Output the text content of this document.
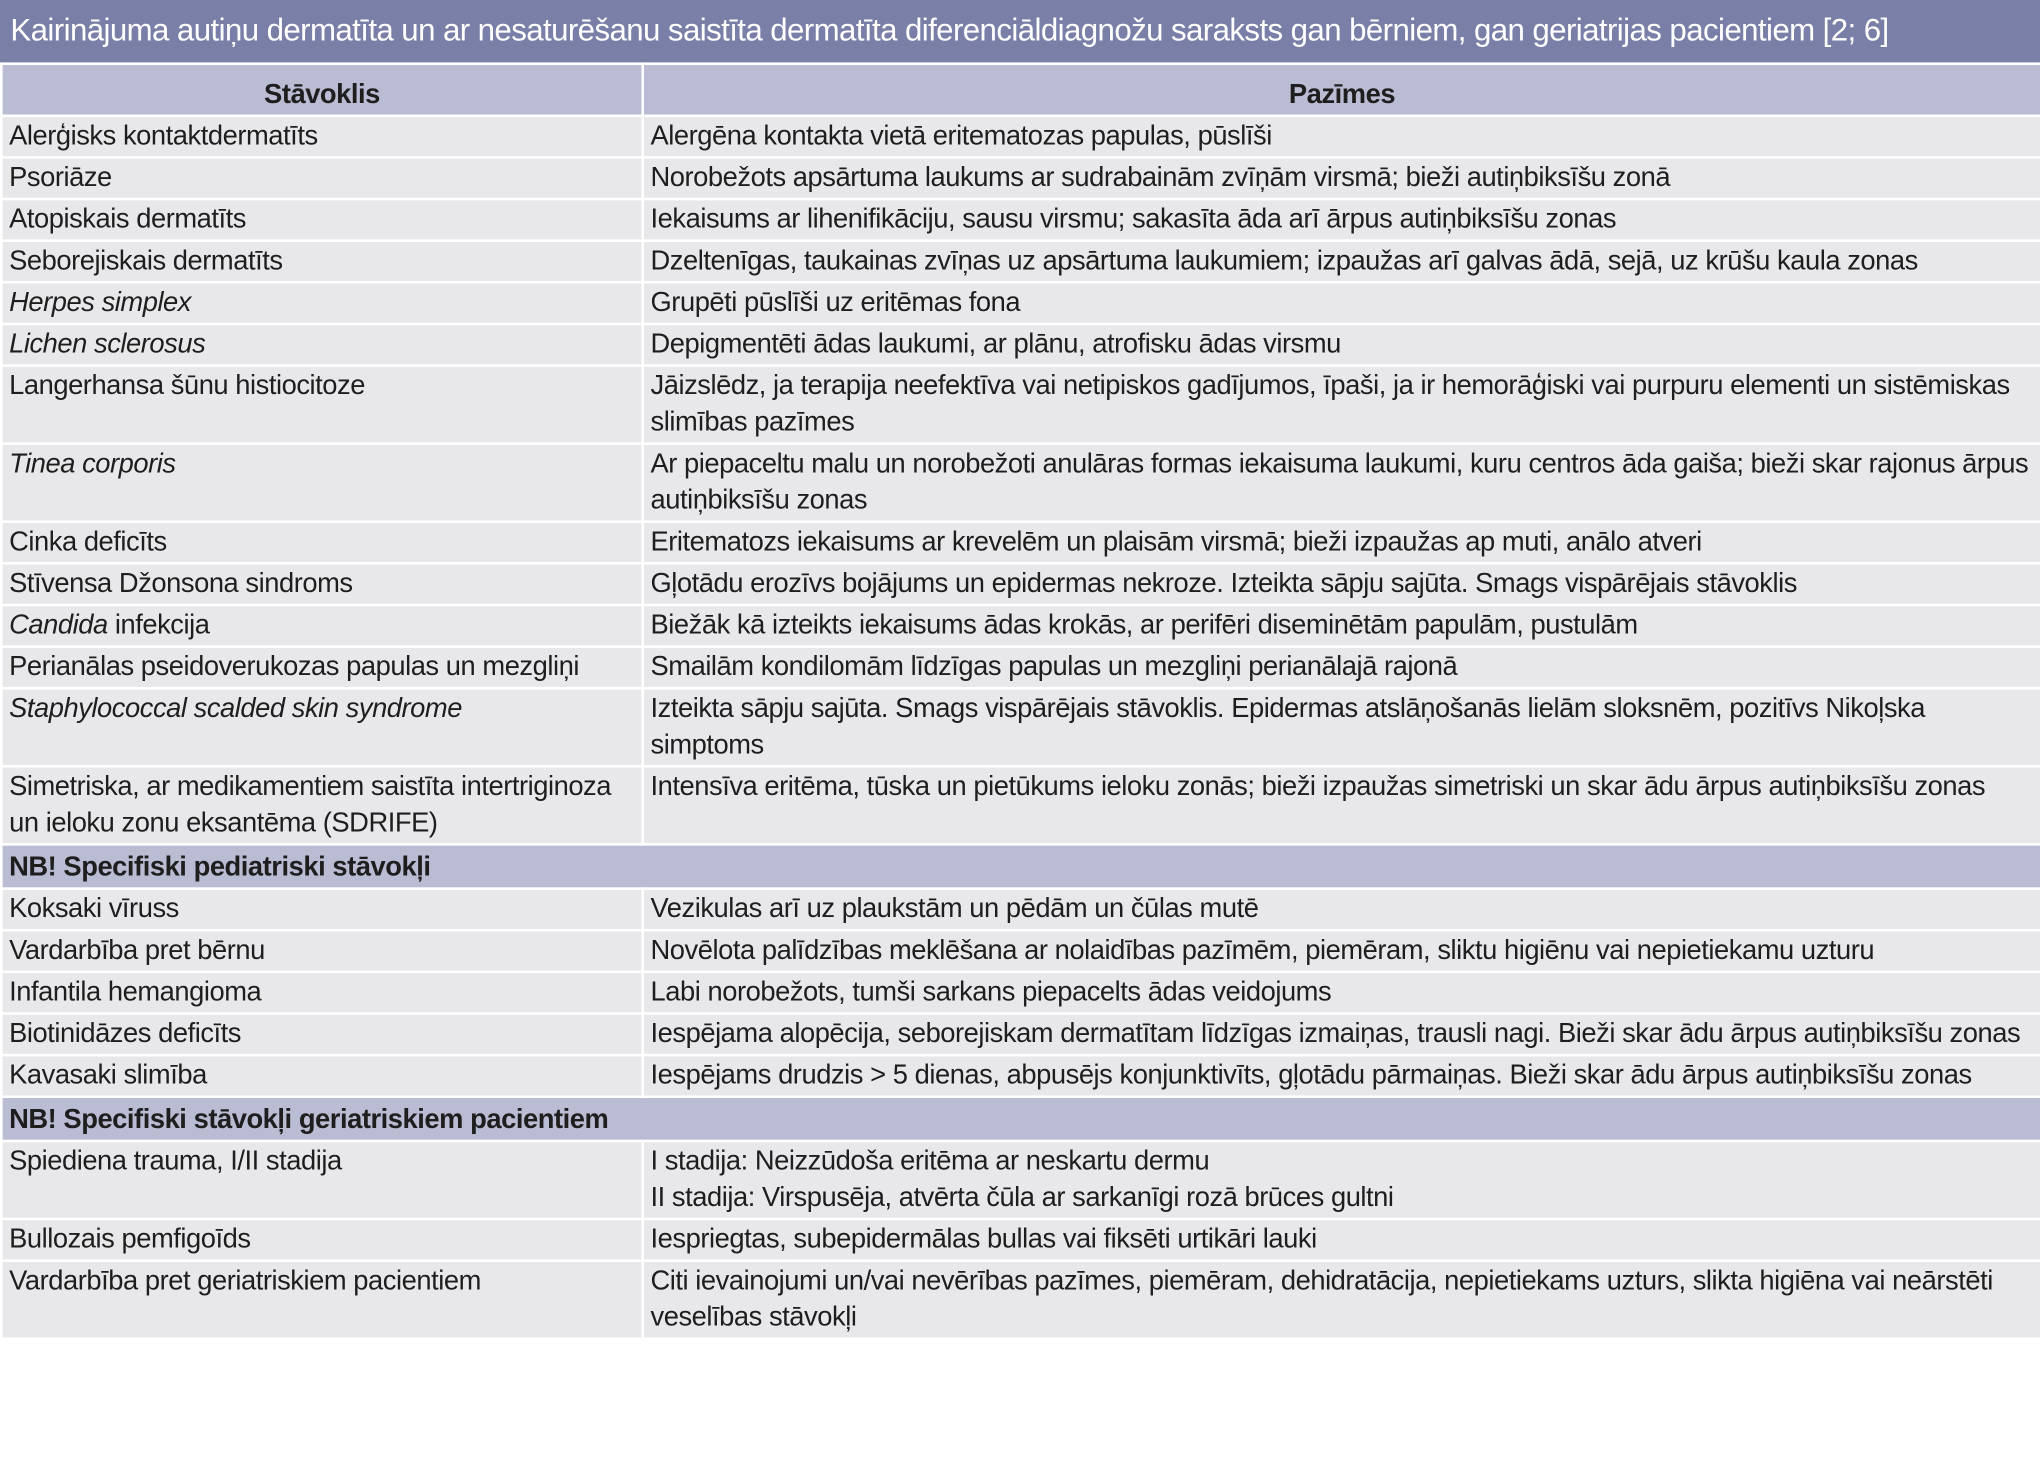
Kairinājuma autiņu dermatīta un ar nesaturēšanu saistīta dermatīta diferenciāldiagnožu saraksts gan bērniem, gan geriatrijas pacientiem [2; 6]
Stāvoklis	Pazīmes
Alerģisks kontaktdermatīts	Alergēna kontakta vietā eritematozas papulas, pūslīši
Psoriāze	Norobežots apsārtuma laukums ar sudrabainām zvīņām virsmā; bieži autiņbiksīšu zonā
Atopiskais dermatīts	Iekaisums ar lihenifikāciju, sausu virsmu; sakasīta āda arī ārpus autiņbiksīšu zonas
Seborejiskais dermatīts	Dzeltenīgas, taukainas zvīņas uz apsārtuma laukumiem; izpaužas arī galvas ādā, sejā, uz krūšu kaula zonas
Herpes simplex	Grupēti pūslīši uz eritēmas fona
Lichen sclerosus	Depigmentēti ādas laukumi, ar plānu, atrofisku ādas virsmu
Langerhansa šūnu histiocitoze	Jāizslēdz, ja terapija neefektīva vai netipiskos gadījumos, īpaši, ja ir hemorāģiski vai purpuru elementi un sistēmiskas slimības pazīmes
Tinea corporis	Ar piepaceltu malu un norobežoti anulāras formas iekaisuma laukumi, kuru centros āda gaiša; bieži skar rajonus ārpus autiņbiksīšu zonas
Cinka deficīts	Eritematozs iekaisums ar krevelēm un plaisām virsmā; bieži izpaužas ap muti, anālo atveri
Stīvensa Džonsona sindroms	Gļotādu erozīvs bojājums un epidermas nekroze. Izteikta sāpju sajūta. Smags vispārējais stāvoklis
Candida infekcija	Biežāk kā izteikts iekaisums ādas krokās, ar perifēri diseminētām papulām, pustulām
Perianālas pseidoverukozas papulas un mezgliņi	Smailām kondilomām līdzīgas papulas un mezgliņi perianālajā rajonā
Staphylococcal scalded skin syndrome	Izteikta sāpju sajūta. Smags vispārējais stāvoklis. Epidermas atslāņošanās lielām sloksnēm, pozitīvs Nikoļska simptoms
Simetriska, ar medikamentiem saistīta intertriginoza un ieloku zonu eksantēma (SDRIFE)	Intensīva eritēma, tūska un pietūkums ieloku zonās; bieži izpaužas simetriski un skar ādu ārpus autiņbiksīšu zonas
NB! Specifiski pediatriski stāvokļi	
Koksaki vīruss	Vezikulas arī uz plaukstām un pēdām un čūlas mutē
Vardarbība pret bērnu	Novēlota palīdzības meklēšana ar nolaidības pazīmēm, piemēram, sliktu higiēnu vai nepietiekamu uzturu
Infantila hemangioma	Labi norobežots, tumši sarkans piepacelts ādas veidojums
Biotinidāzes deficīts	Iespējama alopēcija, seborejiskam dermatītam līdzīgas izmaiņas, trausli nagi. Bieži skar ādu ārpus autiņbiksīšu zonas
Kavasaki slimība	Iespējams drudzis > 5 dienas, abpusējs konjunktivīts, gļotādu pārmaiņas. Bieži skar ādu ārpus autiņbiksīšu zonas
NB! Specifiski stāvokļi geriatriskiem pacientiem	
Spiediena trauma, I/II stadija	I stadija: Neizzūdoša eritēma ar neskartu dermu
II stadija: Virspusēja, atvērta čūla ar sarkanīgi rozā brūces gultni

Bullozais pemfigoīds	Iespriegtas, subepidermālas bullas vai fiksēti urtikāri lauki
Vardarbība pret geriatriskiem pacientiem	Citi ievainojumi un/vai nevērības pazīmes, piemēram, dehidratācija, nepietiekams uzturs, slikta higiēna vai neārstēti veselības stāvokļi
